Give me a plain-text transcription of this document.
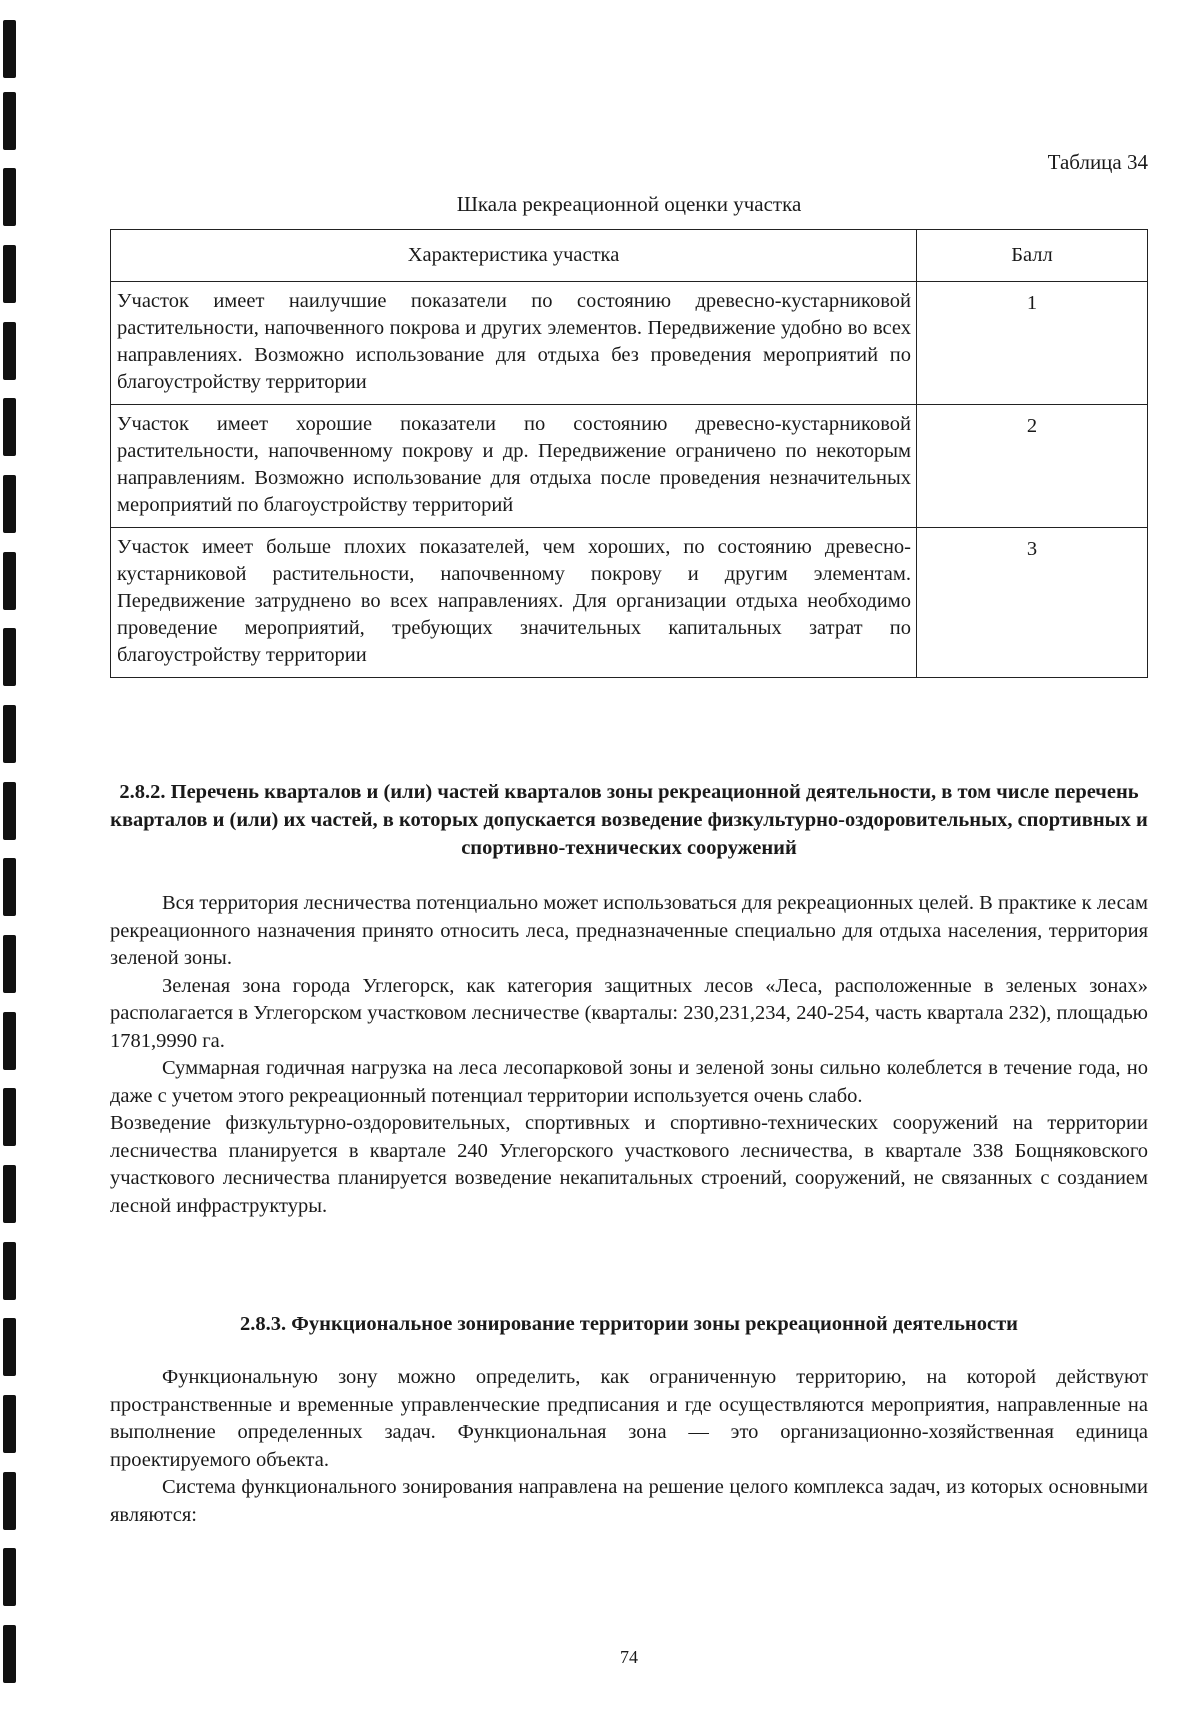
Таблица 34
Шкала рекреационной оценки участка
Характеристика участка	Балл
Участок имеет наилучшие показатели по состоянию древесно-кустарниковой растительности, напочвенного покрова и других элементов. Передвижение удобно во всех направлениях. Возможно использование для отдыха без проведения мероприятий по благоустройству территории	1
Участок имеет хорошие показатели по состоянию древесно-кустарниковой растительности, напочвенному покрову и др. Передвижение ограничено по некоторым направлениям. Возможно использование для отдыха после проведения незначительных мероприятий по благоустройству территорий	2
Участок имеет больше плохих показателей, чем хороших, по состоянию древесно-кустарниковой растительности, напочвенному покрову и другим элементам. Передвижение затруднено во всех направлениях. Для организации отдыха необходимо проведение мероприятий, требующих значительных капитальных затрат по благоустройству территории	3
2.8.2. Перечень кварталов и (или) частей кварталов зоны рекреационной деятельности, в том числе перечень кварталов и (или) их частей, в которых допускается возведение физкультурно-оздоровительных, спортивных и спортивно-технических сооружений

Вся территория лесничества потенциально может использоваться для рекреационных целей. В практике к лесам рекреационного назначения принято относить леса, предназначенные специально для отдыха населения, территория зеленой зоны.

Зеленая зона города Углегорск, как категория защитных лесов «Леса, расположенные в зеленых зонах» располагается в Углегорском участковом лесничестве (кварталы: 230,231,234, 240-254, часть квартала 232), площадью 1781,9990 га.

Суммарная годичная нагрузка на леса лесопарковой зоны и зеленой зоны сильно колеблется в течение года, но даже с учетом этого рекреационный потенциал территории используется очень слабо.

Возведение физкультурно-оздоровительных, спортивных и спортивно-технических сооружений на территории лесничества планируется в квартале 240 Углегорского участкового лесничества, в квартале 338 Бощняковского участкового лесничества планируется возведение некапитальных строений, сооружений, не связанных с созданием лесной инфраструктуры.

2.8.3. Функциональное зонирование территории зоны рекреационной деятельности

Функциональную зону можно определить, как ограниченную территорию, на которой действуют пространственные и временные управленческие предписания и где осуществляются мероприятия, направленные на выполнение определенных задач. Функциональная зона — это организационно-хозяйственная единица проектируемого объекта.

Система функционального зонирования направлена на решение целого комплекса задач, из которых основными являются:

74
